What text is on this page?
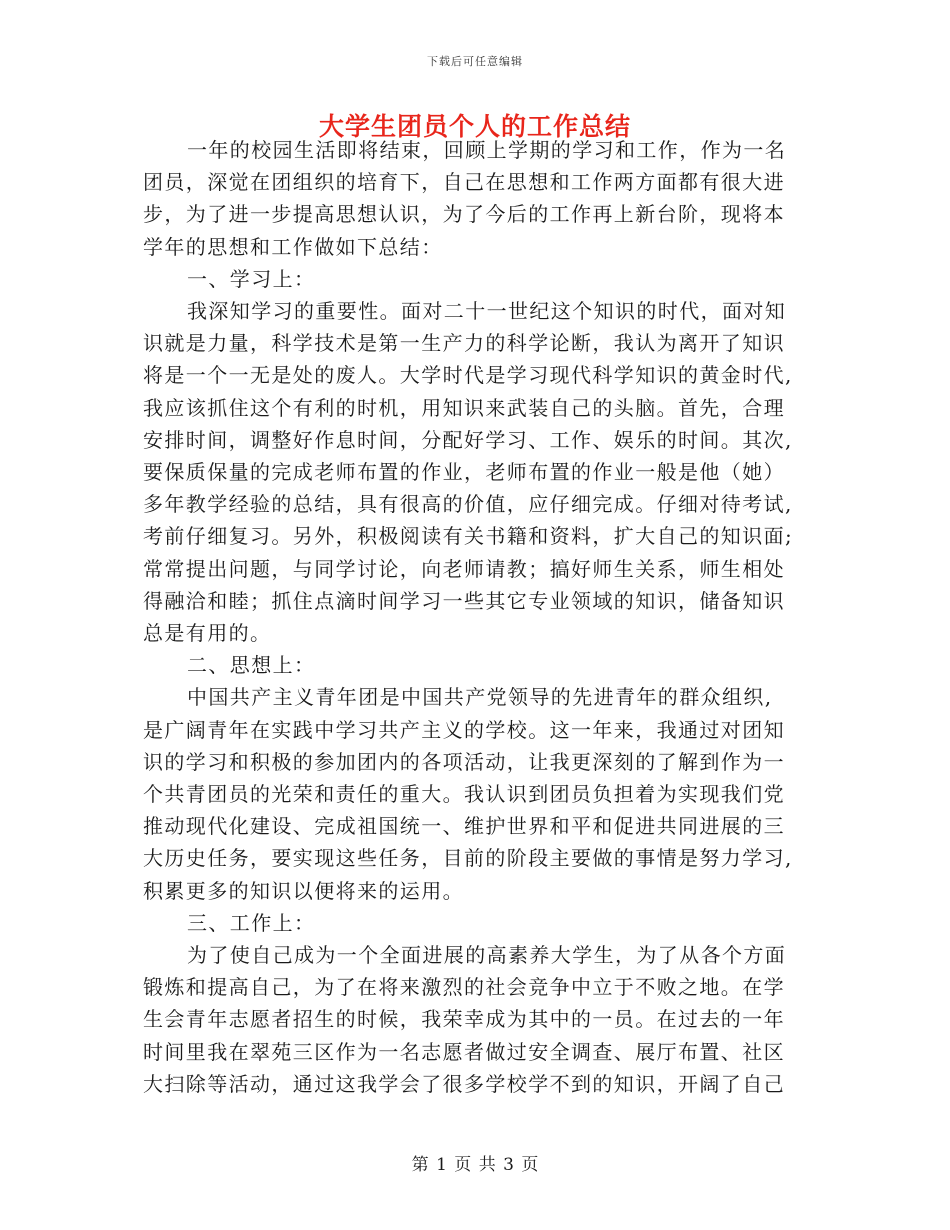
下载后可任意编辑
大学生团员个人的工作总结

一年的校园生活即将结束，回顾上学期的学习和工作，作为一名
团员，深觉在团组织的培育下，自己在思想和工作两方面都有很大进
步，为了进一步提高思想认识，为了今后的工作再上新台阶，现将本
学年的思想和工作做如下总结：

一、学习上：

我深知学习的重要性。面对二十一世纪这个知识的时代，面对知
识就是力量，科学技术是第一生产力的科学论断，我认为离开了知识
将是一个一无是处的废人。大学时代是学习现代科学知识的黄金时代,
我应该抓住这个有利的时机，用知识来武装自己的头脑。首先，合理
安排时间，调整好作息时间，分配好学习、工作、娱乐的时间。其次,
要保质保量的完成老师布置的作业，老师布置的作业一般是他（她）
多年教学经验的总结，具有很高的价值，应仔细完成。仔细对待考试,
考前仔细复习。另外，积极阅读有关书籍和资料，扩大自己的知识面;
常常提出问题，与同学讨论，向老师请教；搞好师生关系，师生相处
得融洽和睦；抓住点滴时间学习一些其它专业领域的知识，储备知识
总是有用的。

二、思想上：

中国共产主义青年团是中国共产党领导的先进青年的群众组织,
是广阔青年在实践中学习共产主义的学校。这一年来，我通过对团知
识的学习和积极的参加团内的各项活动，让我更深刻的了解到作为一
个共青团员的光荣和责任的重大。我认识到团员负担着为实现我们党
推动现代化建设、完成祖国统一、维护世界和平和促进共同进展的三
大历史任务，要实现这些任务，目前的阶段主要做的事情是努力学习,
积累更多的知识以便将来的运用。

三、工作上：

为了使自己成为一个全面进展的高素养大学生，为了从各个方面
锻炼和提高自己，为了在将来激烈的社会竞争中立于不败之地。在学
生会青年志愿者招生的时候，我荣幸成为其中的一员。在过去的一年
时间里我在翠苑三区作为一名志愿者做过安全调查、展厅布置、社区
大扫除等活动，通过这我学会了很多学校学不到的知识，开阔了自己

第 1 页 共 3 页
